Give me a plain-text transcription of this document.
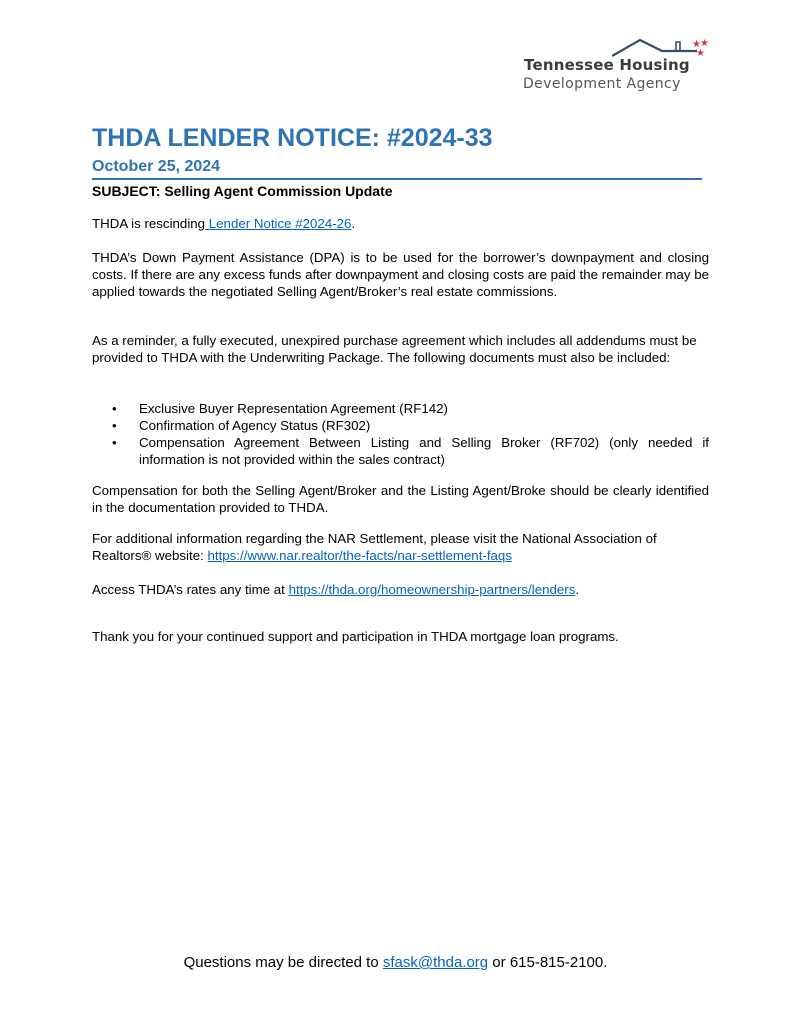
★ ★
★
Tennessee Housing
Development Agency
THDA LENDER NOTICE: #2024-33
October 25, 2024
SUBJECT: Selling Agent Commission Update
THDA is rescinding Lender Notice #2024-26.
THDA’s Down Payment Assistance (DPA) is to be used for the borrower’s downpayment and closing costs. If there are any excess funds after downpayment and closing costs are paid the remainder may be applied towards the negotiated Selling Agent/Broker’s real estate commissions.
As a reminder, a fully executed, unexpired purchase agreement which includes all addendums must be provided to THDA with the Underwriting Package. The following documents must also be included:
• Exclusive Buyer Representation Agreement (RF142)
• Confirmation of Agency Status (RF302)
• Compensation Agreement Between Listing and Selling Broker (RF702) (only needed if information is not provided within the sales contract)
Compensation for both the Selling Agent/Broker and the Listing Agent/Broke should be clearly identified in the documentation provided to THDA.
For additional information regarding the NAR Settlement, please visit the National Association of Realtors® website: https://www.nar.realtor/the-facts/nar-settlement-faqs
Access THDA’s rates any time at https://thda.org/homeownership-partners/lenders.
Thank you for your continued support and participation in THDA mortgage loan programs.
Questions may be directed to sfask@thda.org or 615-815-2100.
